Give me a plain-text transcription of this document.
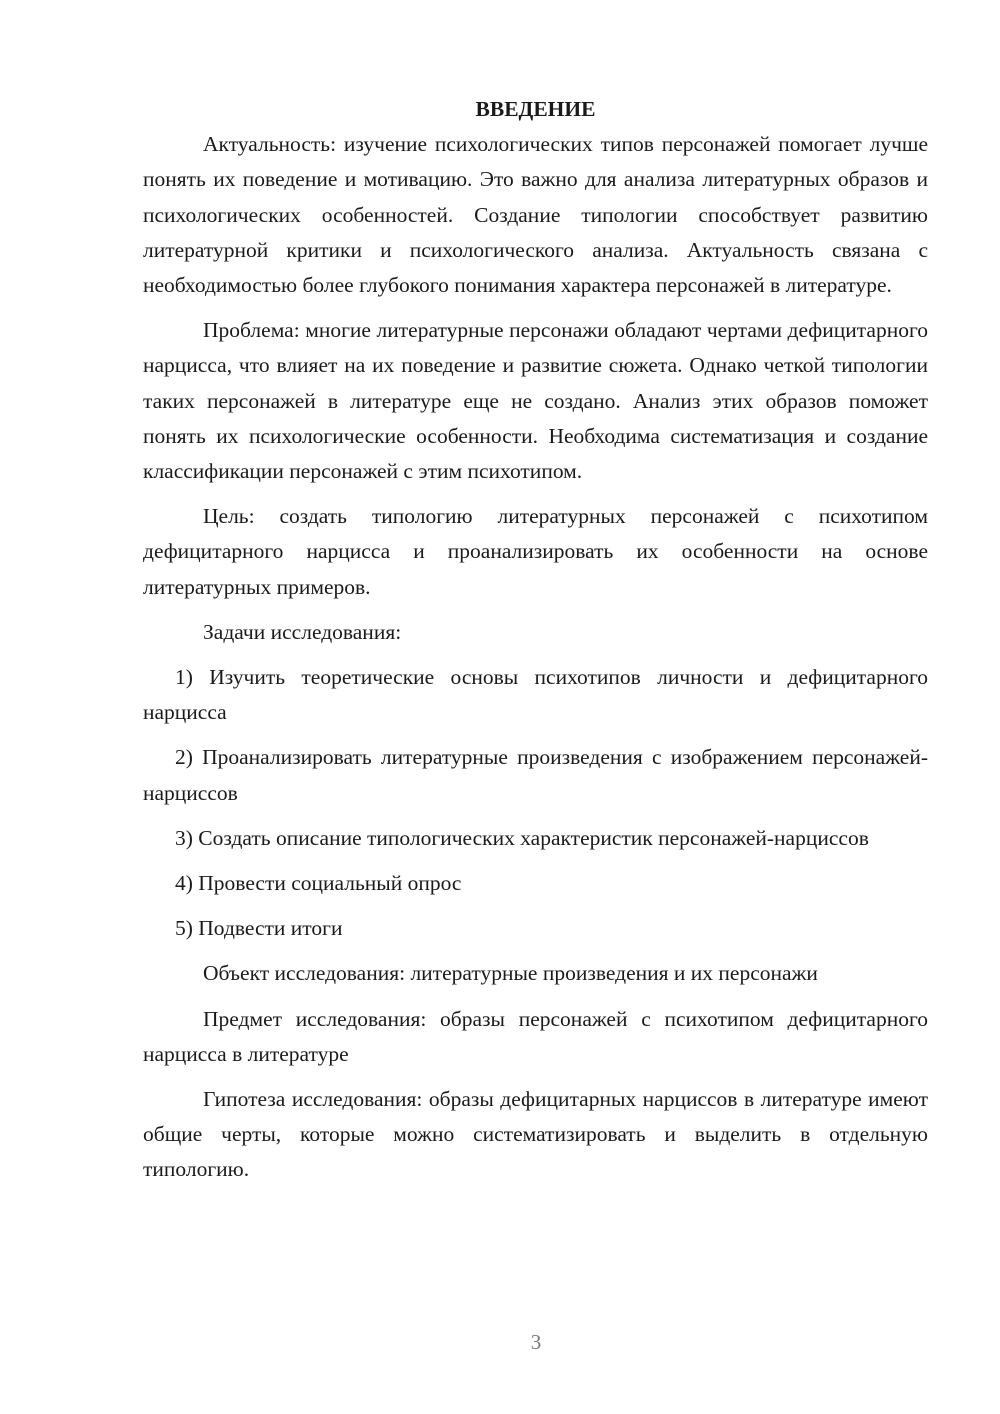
ВВЕДЕНИЕ

Актуальность: изучение психологических типов персонажей помогает лучше понять их поведение и мотивацию. Это важно для анализа литературных образов и психологических особенностей. Создание типологии способствует развитию литературной критики и психологического анализа. Актуальность связана с необходимостью более глубокого понимания характера персонажей в литературе.

Проблема: многие литературные персонажи обладают чертами дефицитарного нарцисса, что влияет на их поведение и развитие сюжета. Однако четкой типологии таких персонажей в литературе еще не создано. Анализ этих образов поможет понять их психологические особенности. Необходима систематизация и создание классификации персонажей с этим психотипом.

Цель: создать типологию литературных персонажей с психотипом дефицитарного нарцисса и проанализировать их особенности на основе литературных примеров.

Задачи исследования:

1) Изучить теоретические основы психотипов личности и дефицитарного нарцисса

2) Проанализировать литературные произведения с изображением персонажей-нарциссов

3) Создать описание типологических характеристик персонажей-нарциссов

4) Провести социальный опрос

5) Подвести итоги

Объект исследования: литературные произведения и их персонажи

Предмет исследования: образы персонажей с психотипом дефицитарного нарцисса в литературе

Гипотеза исследования: образы дефицитарных нарциссов в литературе имеют общие черты, которые можно систематизировать и выделить в отдельную типологию.

3
